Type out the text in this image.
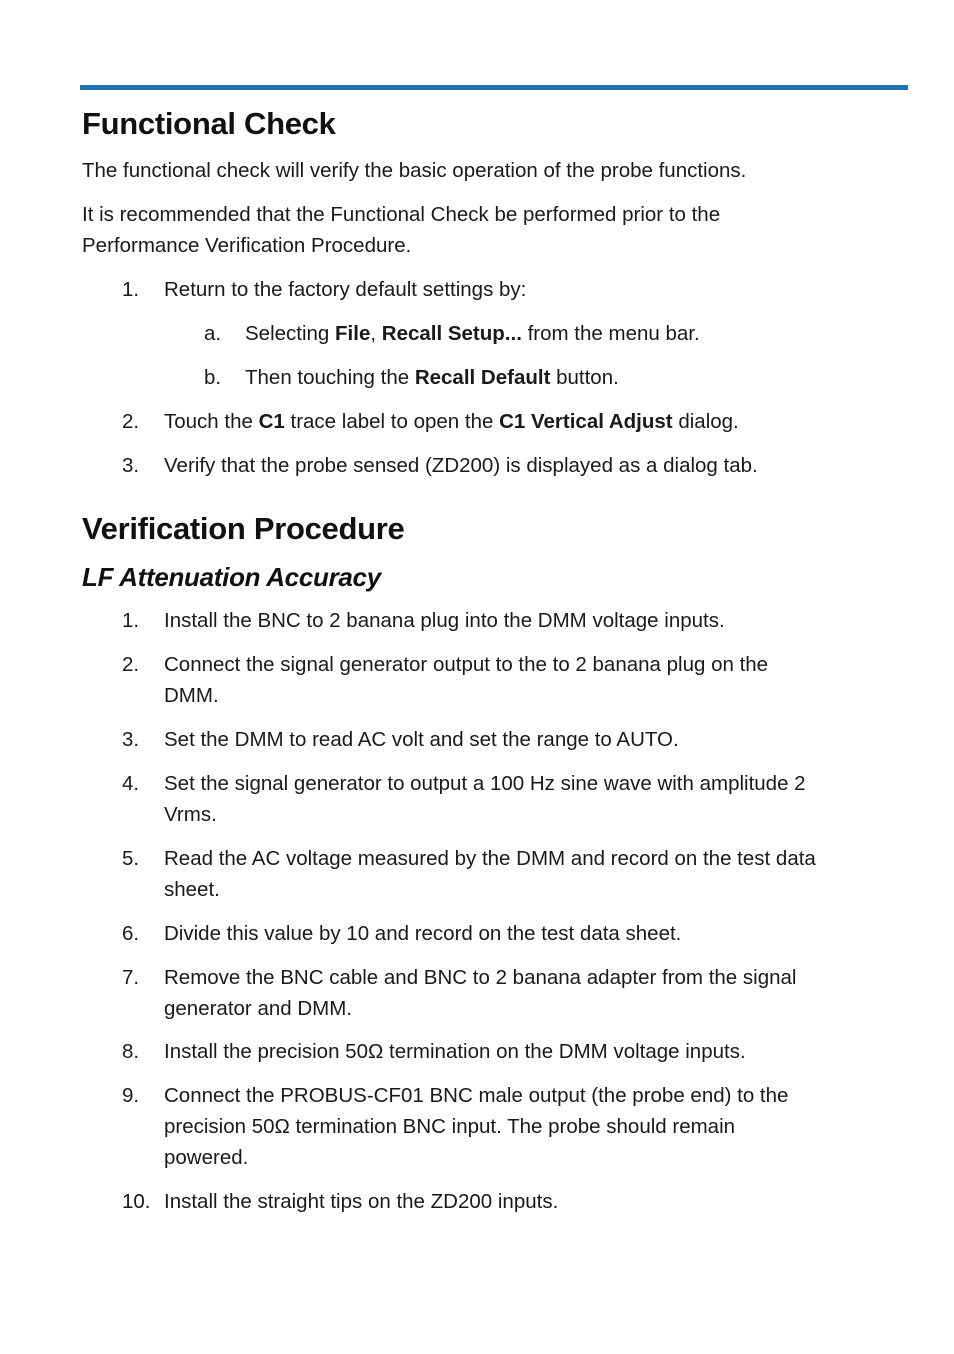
Functional Check
The functional check will verify the basic operation of the probe functions.
It is recommended that the Functional Check be performed prior to the
Performance Verification Procedure.
1. Return to the factory default settings by:
a. Selecting File, Recall Setup... from the menu bar.
b. Then touching the Recall Default button.
2. Touch the C1 trace label to open the C1 Vertical Adjust dialog.
3. Verify that the probe sensed (ZD200) is displayed as a dialog tab.
Verification Procedure
LF Attenuation Accuracy
1. Install the BNC to 2 banana plug into the DMM voltage inputs.
2. Connect the signal generator output to the to 2 banana plug on the
DMM.
3. Set the DMM to read AC volt and set the range to AUTO.
4. Set the signal generator to output a 100 Hz sine wave with amplitude 2
Vrms.
5. Read the AC voltage measured by the DMM and record on the test data
sheet.
6. Divide this value by 10 and record on the test data sheet.
7. Remove the BNC cable and BNC to 2 banana adapter from the signal
generator and DMM.
8. Install the precision 50Ω termination on the DMM voltage inputs.
9. Connect the PROBUS-CF01 BNC male output (the probe end) to the
precision 50Ω termination BNC input. The probe should remain
powered.
10. Install the straight tips on the ZD200 inputs.
